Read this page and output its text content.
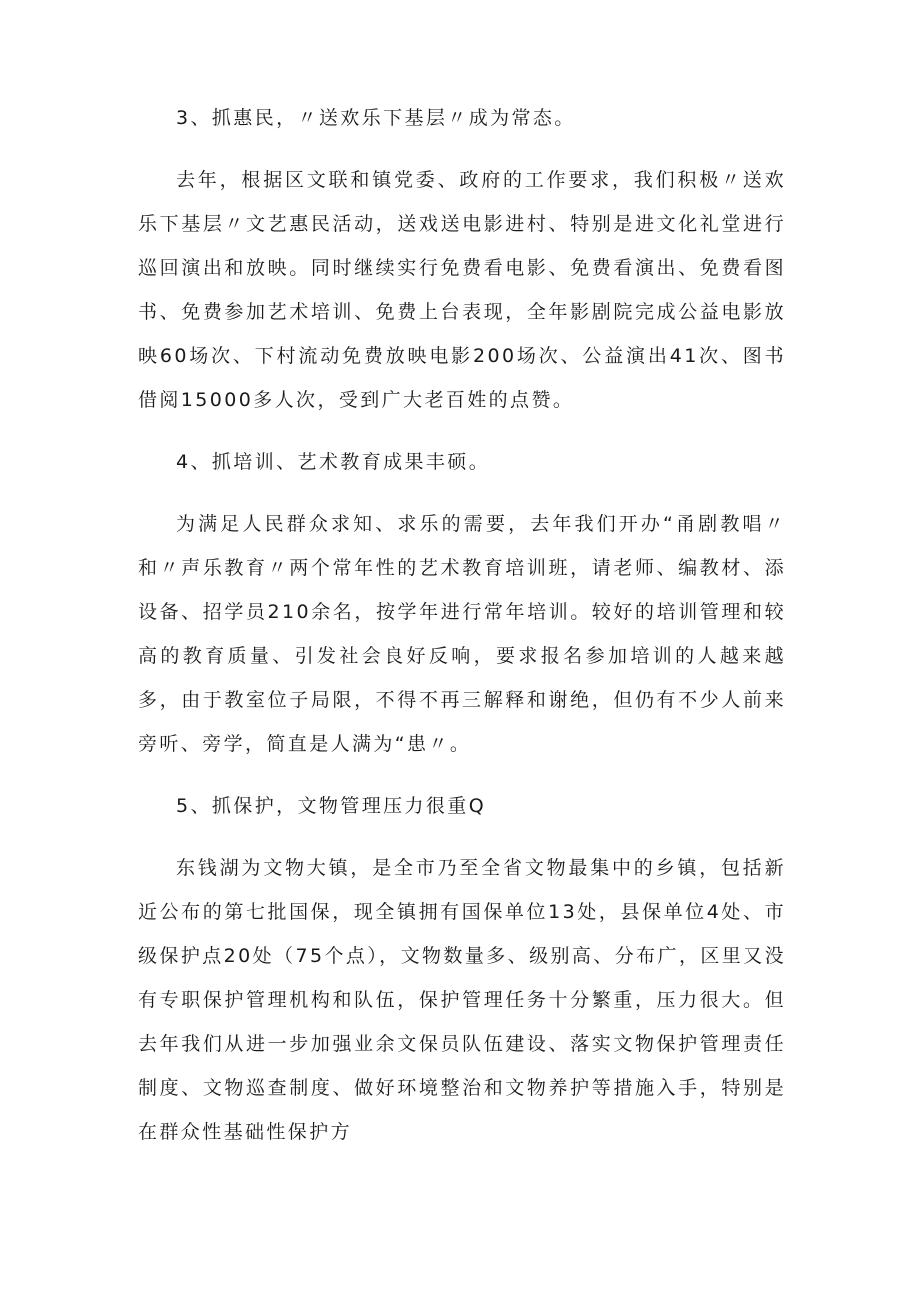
3、抓惠民，〃送欢乐下基层〃成为常态。

去年，根据区文联和镇党委、政府的工作要求，我们积极〃送欢乐下基层〃文艺惠民活动，送戏送电影进村、特别是进文化礼堂进行巡回演出和放映。同时继续实行免费看电影、免费看演出、免费看图书、免费参加艺术培训、免费上台表现，全年影剧院完成公益电影放映60场次、下村流动免费放映电影200场次、公益演出41次、图书借阅15000多人次，受到广大老百姓的点赞。

4、抓培训、艺术教育成果丰硕。

为满足人民群众求知、求乐的需要，去年我们开办“甬剧教唱〃和〃声乐教育〃两个常年性的艺术教育培训班，请老师、编教材、添设备、招学员210余名，按学年进行常年培训。较好的培训管理和较高的教育质量、引发社会良好反响，要求报名参加培训的人越来越多，由于教室位子局限，不得不再三解释和谢绝，但仍有不少人前来旁听、旁学，简直是人满为“患〃。

5、抓保护，文物管理压力很重Q

东钱湖为文物大镇，是全市乃至全省文物最集中的乡镇，包括新近公布的第七批国保，现全镇拥有国保单位13处，县保单位4处、市级保护点20处（75个点），文物数量多、级别高、分布广，区里又没有专职保护管理机构和队伍，保护管理任务十分繁重，压力很大。但去年我们从进一步加强业余文保员队伍建设、落实文物保护管理责任制度、文物巡查制度、做好环境整治和文物养护等措施入手，特别是在群众性基础性保护方
